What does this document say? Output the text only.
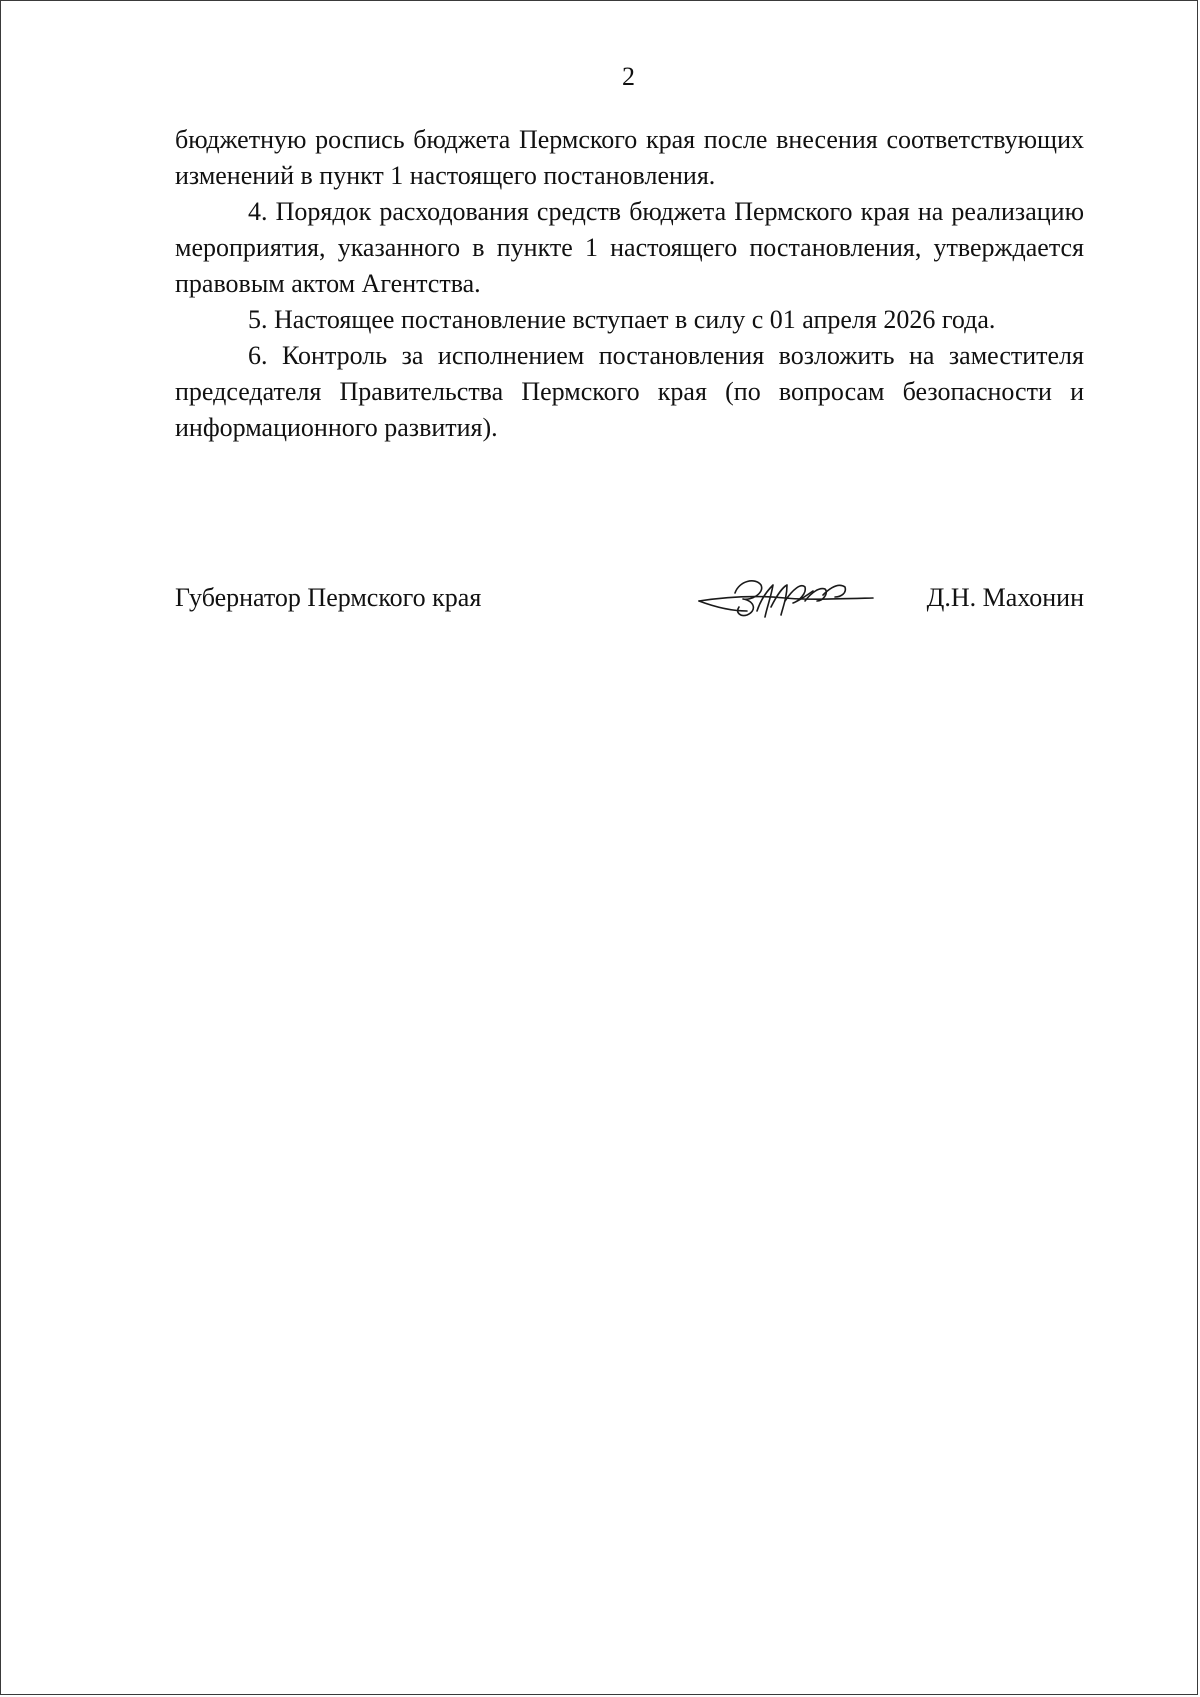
2

бюджетную роспись бюджета Пермского края после внесения соответствующих изменений в пункт 1 настоящего постановления.

4. Порядок расходования средств бюджета Пермского края на реализацию мероприятия, указанного в пункте 1 настоящего постановления, утверждается правовым актом Агентства.

5. Настоящее постановление вступает в силу с 01 апреля 2026 года.

6. Контроль за исполнением постановления возложить на заместителя председателя Правительства Пермского края (по вопросам безопасности и информационного развития).

Губернатор Пермского края	Д.Н. Махонин
